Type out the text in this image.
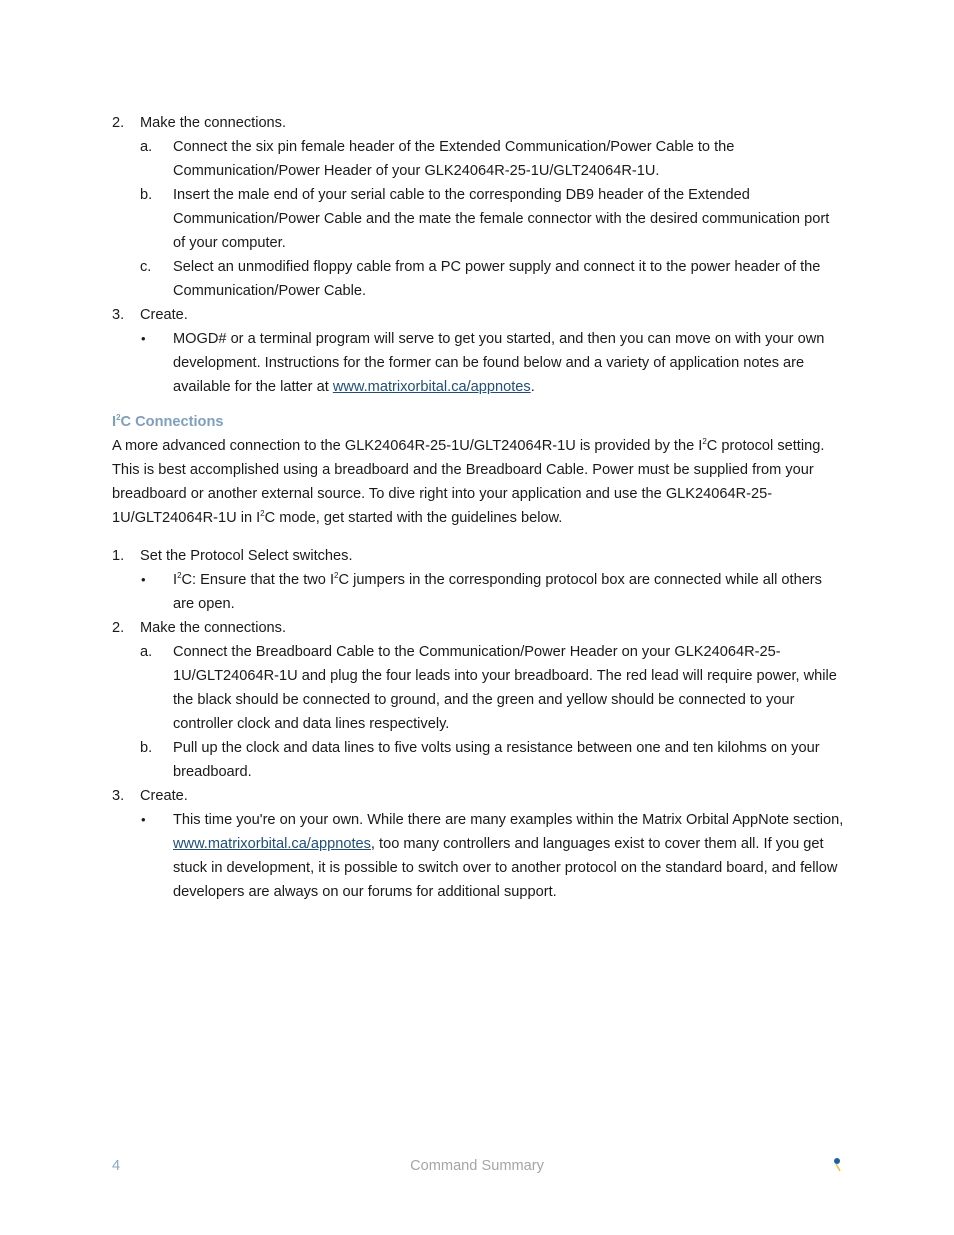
2. Make the connections.
a. Connect the six pin female header of the Extended Communication/Power Cable to the Communication/Power Header of your GLK24064R-25-1U/GLT24064R-1U.
b. Insert the male end of your serial cable to the corresponding DB9 header of the Extended Communication/Power Cable and the mate the female connector with the desired communication port of your computer.
c. Select an unmodified floppy cable from a PC power supply and connect it to the power header of the Communication/Power Cable.
3. Create.
• MOGD# or a terminal program will serve to get you started, and then you can move on with your own development. Instructions for the former can be found below and a variety of application notes are available for the latter at www.matrixorbital.ca/appnotes.
$I^2C$ Connections
A more advanced connection to the GLK24064R-25-1U/GLT24064R-1U is provided by the $I^2C$ protocol setting. This is best accomplished using a breadboard and the Breadboard Cable. Power must be supplied from your breadboard or another external source. To dive right into your application and use the GLK24064R-25-1U/GLT24064R-1U in $I^2C$ mode, get started with the guidelines below.
1. Set the Protocol Select switches.
• $I^2C$: Ensure that the two $I^2C$ jumpers in the corresponding protocol box are connected while all others are open.
2. Make the connections.
a. Connect the Breadboard Cable to the Communication/Power Header on your GLK24064R-25-1U/GLT24064R-1U and plug the four leads into your breadboard. The red lead will require power, while the black should be connected to ground, and the green and yellow should be connected to your controller clock and data lines respectively.
b. Pull up the clock and data lines to five volts using a resistance between one and ten kilohms on your breadboard.
3. Create.
• This time you're on your own. While there are many examples within the Matrix Orbital AppNote section, www.matrixorbital.ca/appnotes, too many controllers and languages exist to cover them all. If you get stuck in development, it is possible to switch over to another protocol on the standard board, and fellow developers are always on our forums for additional support.
4	Command Summary
